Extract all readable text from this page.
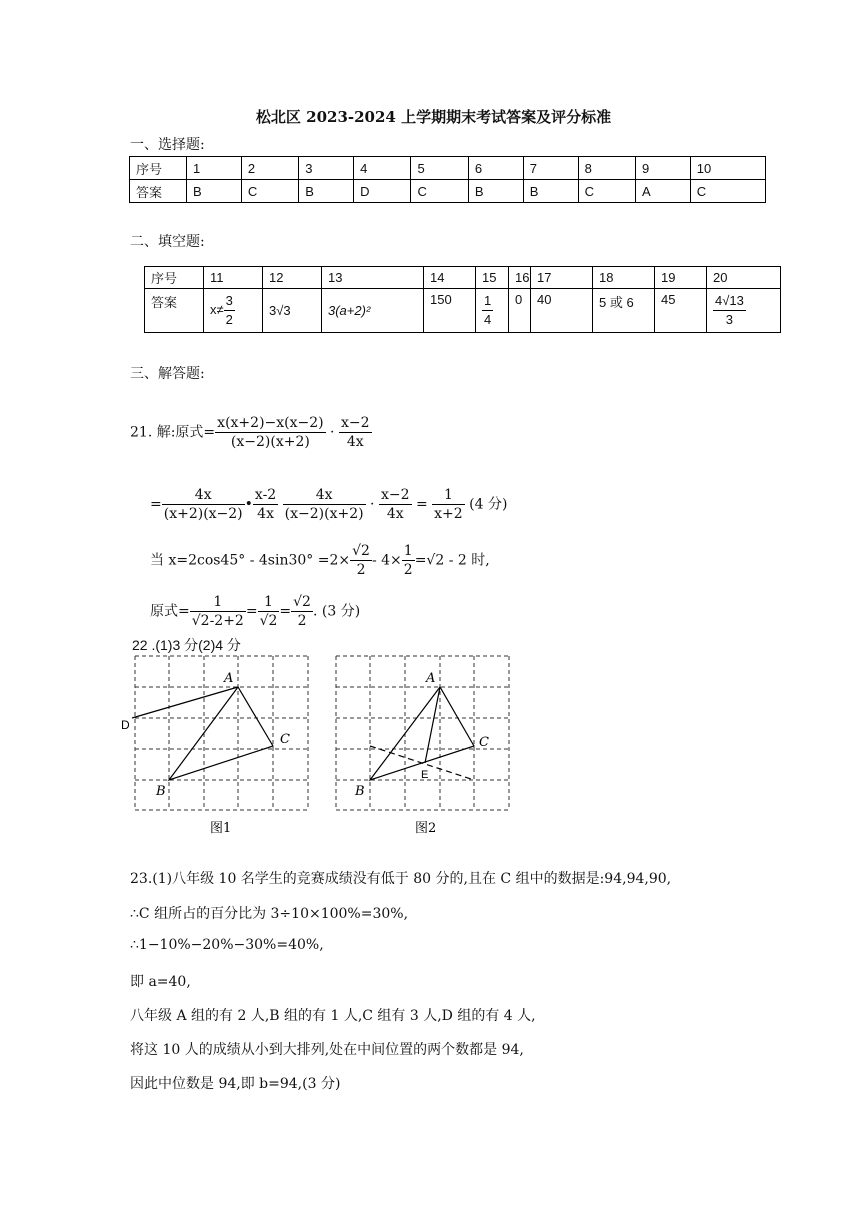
松北区 2023-2024 上学期期末考试答案及评分标准
一、选择题:
序号	1	2	3	4	5	6	7	8	9	10
答案	B	C	B	D	C	B	B	C	A	C
二、填空题:
序号	11	12	13	14	15	16	17	18	19	20
答案	$x\ne \frac{3}{2}$	3√3	3(a+2)²	150	$\frac{1}{4}$	0	40	5 或 6	45	$\frac{4√13}{3}$
三、解答题:
21. 解:原式= $\frac{x(x+2)-x(x-2)}{(x-2)(x+2)} \cdot \frac{x-2}{4x}$
= $\frac{4x}{(x+2)(x-2)}$ • $\frac{x-2}{4x}$
$\frac{4x}{(x-2)(x+2)} \cdot \frac{x-2}{4x} = \frac{1}{x+2} (4$ 分)
当 $x=2\cos 45^\circ - 4\sin 30^\circ =2\times \frac{√2}{2} - 4\times \frac{1}{2} =√2 - 2$ 时,
原式= $\frac{1}{√2-2+2} = \frac{1}{√2} = \frac{√2}{2}$ . (3 分)
22 .(1)3 分(2)4 分
A
B
C
D
图1
A
B
C
E
图2
23.(1)八年级 10 名学生的竞赛成绩没有低于 80 分的,且在 C 组中的数据是:94,94,90,
∴C 组所占的百分比为 3÷10×100%=30%,
∴1−10%−20%−30%=40%,
即 a=40,
八年级 A 组的有 2 人,B 组的有 1 人,C 组有 3 人,D 组的有 4 人,
将这 10 人的成绩从小到大排列,处在中间位置的两个数都是 94,
因此中位数是 94,即 b=94,(3 分)
